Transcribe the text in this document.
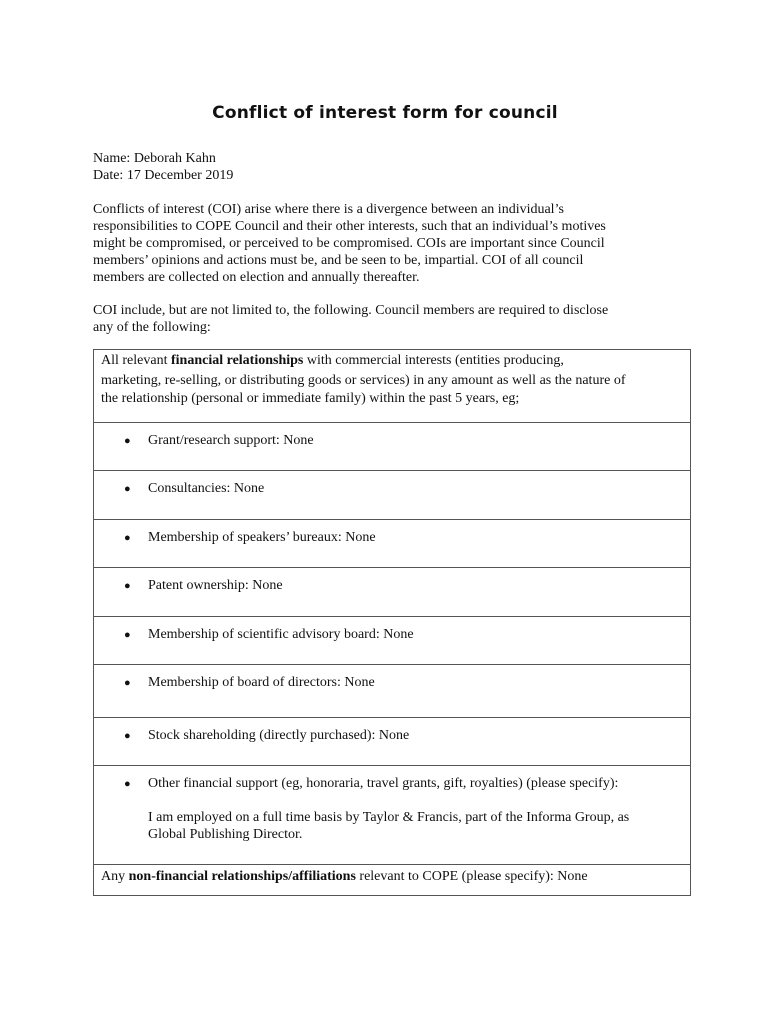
Conflict of interest form for council
Name: Deborah Kahn
Date: 17 December 2019
Conflicts of interest (COI) arise where there is a divergence between an individual’s
responsibilities to COPE Council and their other interests, such that an individual’s motives
might be compromised, or perceived to be compromised. COIs are important since Council
members’ opinions and actions must be, and be seen to be, impartial. COI of all council
members are collected on election and annually thereafter.
COI include, but are not limited to, the following. Council members are required to disclose
any of the following:
All relevant financial relationships with commercial interests (entities producing,
marketing, re-selling, or distributing goods or services) in any amount as well as the nature of
the relationship (personal or immediate family) within the past 5 years, eg;
● Grant/research support: None
● Consultancies: None
● Membership of speakers’ bureaux: None
● Patent ownership: None
● Membership of scientific advisory board: None
● Membership of board of directors: None
● Stock shareholding (directly purchased): None
● Other financial support (eg, honoraria, travel grants, gift, royalties) (please specify):
I am employed on a full time basis by Taylor & Francis, part of the Informa Group, as
Global Publishing Director.
Any non-financial relationships/affiliations relevant to COPE (please specify): None
